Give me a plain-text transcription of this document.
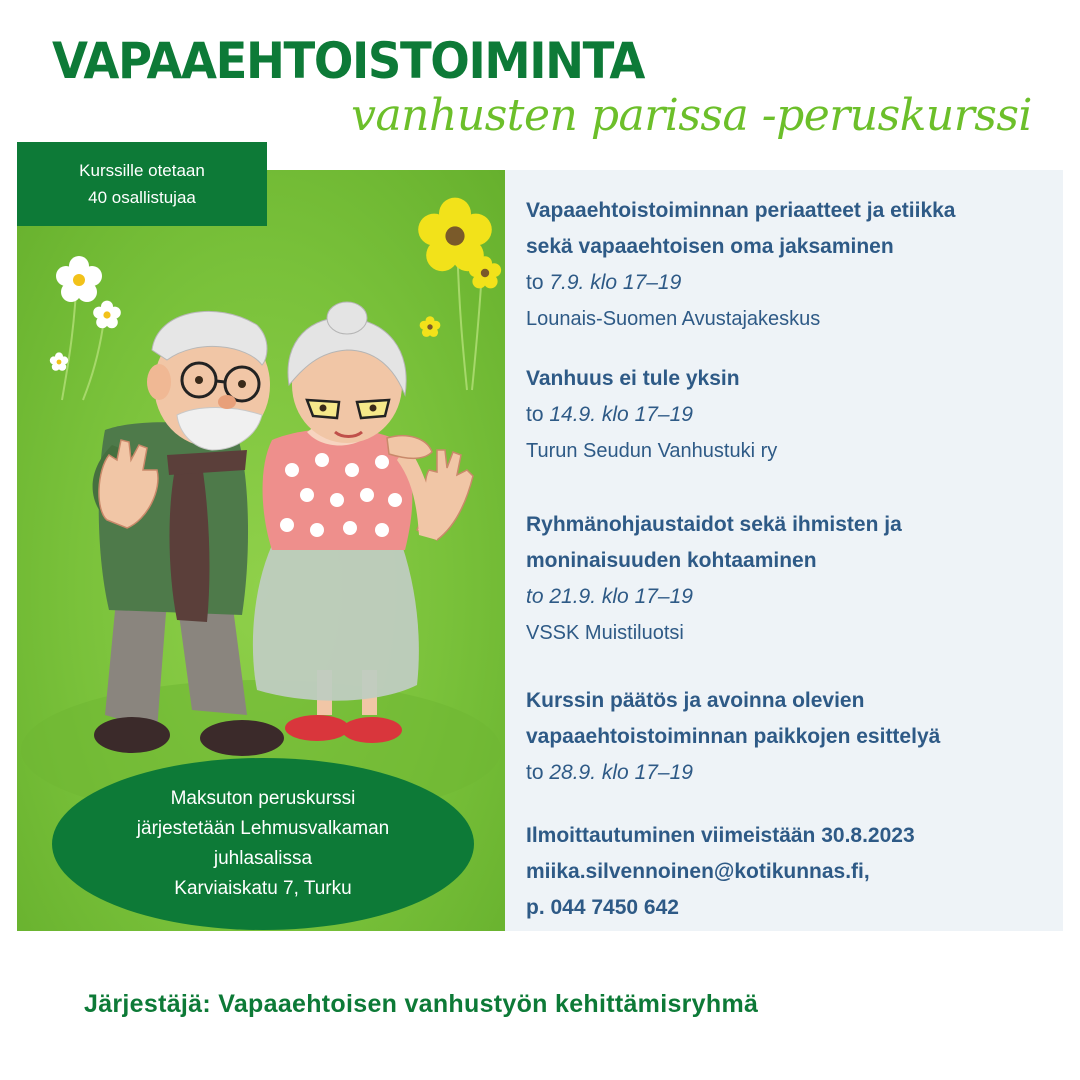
VAPAAEHTOISTOIMINTA
vanhusten parissa -peruskurssi
Kurssille otetaan
40 osallistujaa
Maksuton peruskurssi
järjestetään Lehmusvalkaman
juhlasalissa
Karviaiskatu 7, Turku
Vapaaehtoistoiminnan periaatteet ja etiikka
sekä vapaaehtoisen oma jaksaminen
to 7.9. klo 17–19
Lounais-Suomen Avustajakeskus
Vanhuus ei tule yksin
to 14.9. klo 17–19
Turun Seudun Vanhustuki ry
Ryhmänohjaustaidot sekä ihmisten ja
moninaisuuden kohtaaminen
to 21.9. klo 17–19
VSSK Muistiluotsi
Kurssin päätös ja avoinna olevien
vapaaehtoistoiminnan paikkojen esittelyä
to 28.9. klo 17–19
Ilmoittautuminen viimeistään 30.8.2023
miika.silvennoinen@kotikunnas.fi,
p. 044 7450 642
Järjestäjä: Vapaaehtoisen vanhustyön kehittämisryhmä
